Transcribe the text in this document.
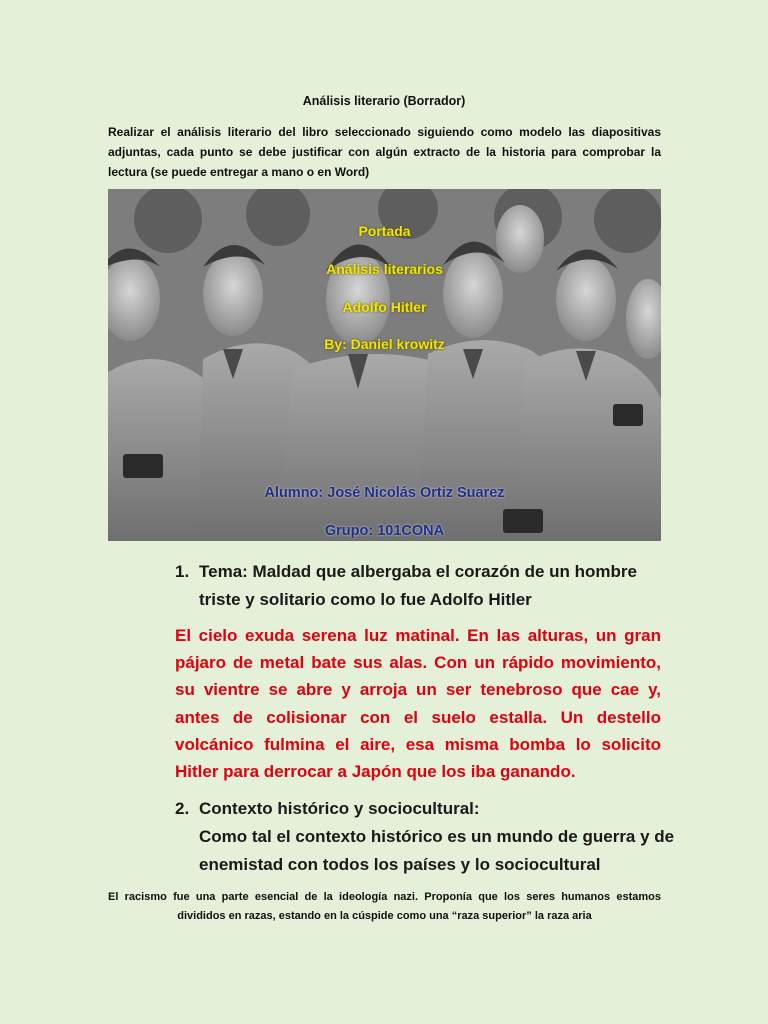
Análisis literario (Borrador)
Realizar el análisis literario del libro seleccionado siguiendo como modelo las diapositivas adjuntas, cada punto se debe justificar con algún extracto de la historia para comprobar la lectura (se puede entregar a mano o en Word)
Portada
Análisis literarios
Adolfo Hitler
By: Daniel krowitz
Alumno: José Nicolás Ortiz Suarez
Grupo: 101CONA
1. Tema: Maldad que albergaba el corazón de un hombre triste y solitario como lo fue Adolfo Hitler
El cielo exuda serena luz matinal. En las alturas, un gran pájaro de metal bate sus alas. Con un rápido movimiento, su vientre se abre y arroja un ser tenebroso que cae y, antes de colisionar con el suelo estalla. Un destello volcánico fulmina el aire, esa misma bomba lo solicito Hitler para derrocar a Japón que los iba ganando.
2. Contexto histórico y sociocultural:
Como tal el contexto histórico es un mundo de guerra y de enemistad con todos los países y lo sociocultural
El racismo fue una parte esencial de la ideología nazi. Proponía que los seres humanos estamos divididos en razas, estando en la cúspide como una “raza superior” la raza aria
